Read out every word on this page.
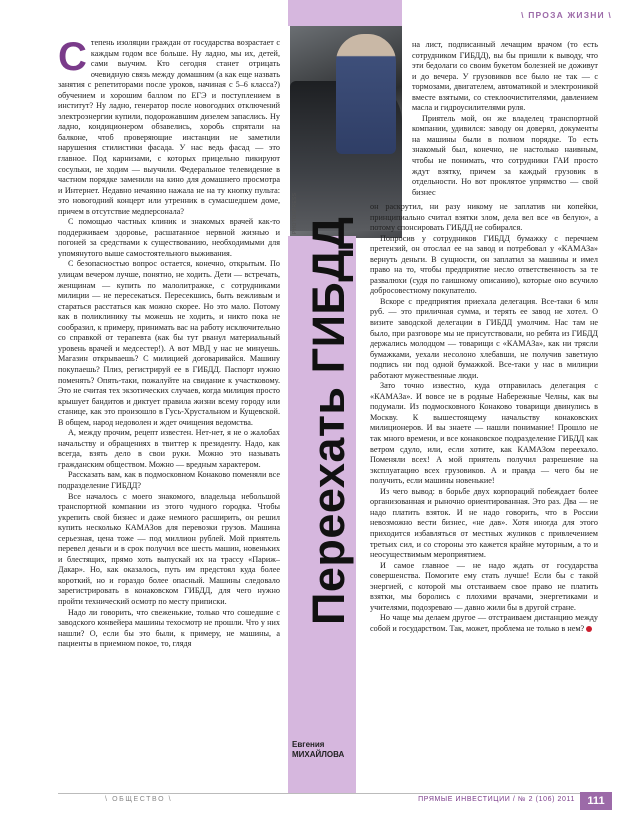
\ ПРОЗА ЖИЗНИ \
PHOTOXPRESS
Переехать ГИБДД
Евгения
МИХАЙЛОВА
С тепень изоляции граждан от государства возрастает с каждым годом все больше. Ну ладно, мы их, детей, сами выучим. Кто сегодня станет отрицать очевидную связь между домашним (а как еще назвать занятия с репетиторами после уроков, начиная с 5–6 класса?) обучением и хорошим баллом по ЕГЭ и поступлением в институт? Ну ладно, генератор после новогодних отключений электроэнергии купили, подорожавшим дизелем запаслись. Ну ладно, кондиционером обзавелись, хоробь спрятали на балконе, чтоб проверяющие инстанции не заметили нарушения стилистики фасада. У нас ведь фасад — это главное. Под карнизами, с которых прицельно пикируют сосульки, не ходим — выучили. Федеральное телевидение в частном порядке заменили на кино для домашнего просмотра и Интернет. Недавно нечаянно нажала не на ту кнопку пульта: это новогодний концерт или утренник в сумасшедшем доме, причем в отсутствие медперсонала?

С помощью частных клиник и знакомых врачей как-то поддерживаем здоровье, расшатанное нервной жизнью и погоней за средствами к существованию, необходимыми для упомянутого выше самостоятельного выживания.

С безопасностью вопрос остается, конечно, открытым. По улицам вечером лучше, понятно, не ходить. Дети — встречать, женщинам — купить по малолитражке, с сотрудниками милиции — не пересекаться. Пересекшись, быть вежливым и стараться расстаться как можно скорее. Но это мало. Потому как в поликлинику ты можешь не ходить, и никто пока не сообразил, к примеру, принимать вас на работу исключительно со справкой от терапевта (как бы тут рванул материальный уровень врачей и медсестер!). А вот МВД у нас не минуешь. Магазин открываешь? С милицией договаривайся. Машину покупаешь? Плиз, регистрируй ее в ГИБДД. Паспорт нужно поменять? Опять-таки, пожалуйте на свидание к участковому. Это не считая тех экзотических случаев, когда милиция просто крышует бандитов и диктует правила жизни всему городу или станице, как это произошло в Гусь-Хрустальном и Кущевской. В общем, народ недоволен и ждет очищения ведомства.

А, между прочим, рецепт известен. Нет-нет, я не о жалобах начальству и обращениях в твиттер к президенту. Надо, как всегда, взять дело в свои руки. Можно это называть гражданским обществом. Можно — вредным характером.

Рассказать вам, как в подмосковном Конаково поменяли все подразделение ГИБДД?

Все началось с моего знакомого, владельца небольшой транспортной компании из этого чудного городка. Чтобы укрепить свой бизнес и даже немного расширить, он решил купить несколько КАМАЗов для перевозки грузов. Машина серьезная, цена тоже — под миллион рублей. Мой приятель перевел деньги и в срок получил все шесть машин, новеньких и блестящих, прямо хоть выпускай их на трассу «Париж–Дакар». Но, как оказалось, путь им предстоял куда более короткий, но и гораздо более опасный. Машины следовало зарегистрировать в конаковском ГИБДД, для чего нужно пройти технический осмотр по месту приписки.

Надо ли говорить, что свеженькие, только что сошедшие с заводского конвейера машины техосмотр не прошли. Что у них нашли? О, если бы это были, к примеру, не машины, а пациенты в приемном покое, то, глядя

на лист, подписанный лечащим врачом (то есть сотрудником ГИБДД), вы бы пришли к выводу, что эти бедолаги со своим букетом болезней не доживут и до вечера. У грузовиков все было не так — с тормозами, двигателем, автоматикой и электроникой вместе взятыми, со стеклоочистителями, давлением масла и гидроусилителями руля.

Приятель мой, он же владелец транспортной компании, удивился: заводу он доверял, документы на машины были в полном порядке. То есть знакомый был, конечно, не настолько наивным, чтобы не понимать, что сотрудники ГАИ просто ждут взятку, причем за каждый грузовик в отдельности. Но вот проклятое упрямство — свой бизнес

он раскрутил, ни разу никому не заплатив ни копейки, принципиально считал взятки злом, дела вел все «в белую», а потому спонсировать ГИБДД не собирался.

Попросив у сотрудников ГИБДД бумажку с перечнем претензий, он отослал ее на завод и потребовал у «КАМАЗа» вернуть деньги. В сущности, он заплатил за машины и имел право на то, чтобы предприятие несло ответственность за те развалюхи (судя по гаишному описанию), которые оно всучило добросовестному покупателю.

Вскоре с предприятия приехала делегация. Все-таки 6 млн руб. — это приличная сумма, и терять ее завод не хотел. О визите заводской делегации в ГИБДД умолчим. Нас там не было, при разговоре мы не присутствовали, но ребята из ГИБДД держались молодцом — товарищи с «КАМАЗа», как ни трясли бумажками, уехали несолоно хлебавши, не получив заветную подпись ни под одной бумажкой. Все-таки у нас в милиции работают мужественные люди.

Зато точно известно, куда отправилась делегация с «КАМАЗа». И вовсе не в родные Набережные Челны, как вы подумали. Из подмосковного Конаково товарищи двинулись в Москву. К вышестоящему начальству конаковских милиционеров. И вы знаете — нашли понимание! Прошло не так много времени, и все конаковское подразделение ГИБДД как ветром сдуло, или, если хотите, как КАМАЗом переехало. Поменяли всех! А мой приятель получил разрешение на эксплуатацию всех грузовиков. А и правда — чего бы не получить, если машины новенькие!

Из чего вывод: в борьбе двух корпораций побеждает более организованная и рыночно ориентированная. Это раз. Два — не надо платить взяток. И не надо говорить, что в России невозможно вести бизнес, «не дав». Хотя иногда для этого приходится избавляться от местных жуликов с привлечением третьих сил, и со стороны это кажется крайне муторным, а то и неосуществимым мероприятием.

И самое главное — не надо ждать от государства совершенства. Помогите ему стать лучше! Если бы с такой энергией, с которой мы отстаиваем свое право не платить взятки, мы боролись с плохими врачами, энергетиками и учителями, подозреваю — давно жили бы в другой стране.

Но чаще мы делаем другое — отстраиваем дистанцию между собой и государством. Так, может, проблема не только в нем?

\ ОБЩЕСТВО \	ПРЯМЫЕ ИНВЕСТИЦИИ / № 2 (106) 2011	111
